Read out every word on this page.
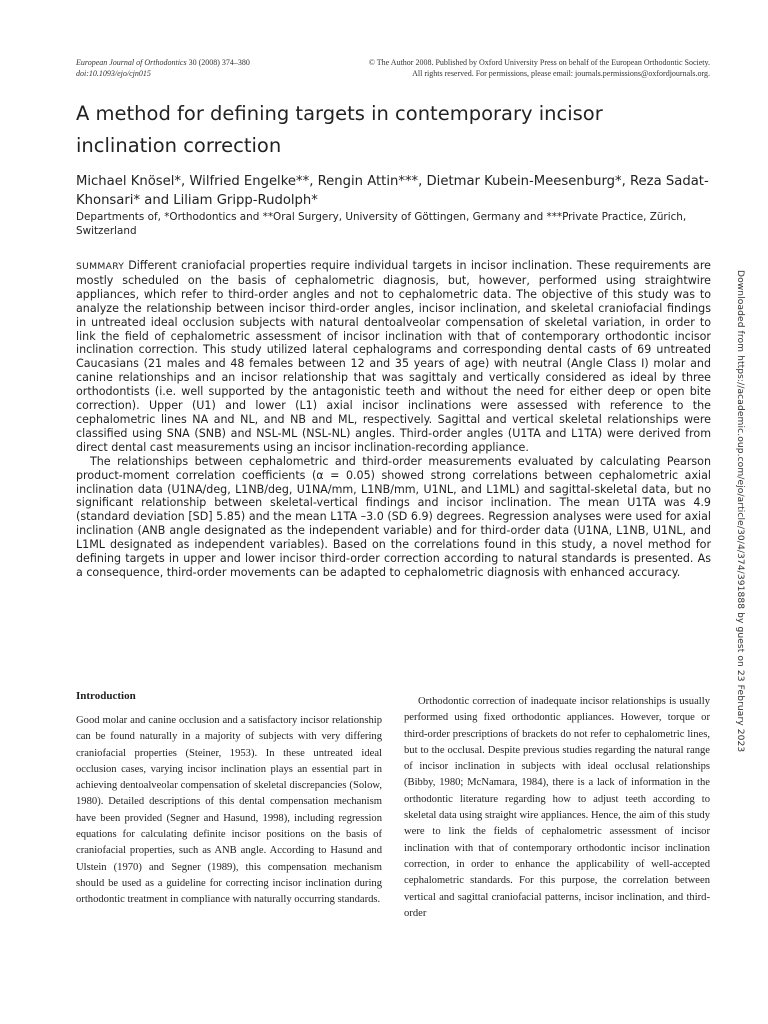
European Journal of Orthodontics 30 (2008) 374–380
doi:10.1093/ejo/cjn015
© The Author 2008. Published by Oxford University Press on behalf of the European Orthodontic Society.
All rights reserved. For permissions, please email: journals.permissions@oxfordjournals.org.
A method for defining targets in contemporary incisor inclination correction
Michael Knösel*, Wilfried Engelke**, Rengin Attin***, Dietmar Kubein-Meesenburg*, Reza Sadat-Khonsari* and Liliam Gripp-Rudolph*
Departments of, *Orthodontics and **Oral Surgery, University of Göttingen, Germany and ***Private Practice, Zürich, Switzerland

SUMMARY Different craniofacial properties require individual targets in incisor inclination. These requirements are mostly scheduled on the basis of cephalometric diagnosis, but, however, performed using straightwire appliances, which refer to third-order angles and not to cephalometric data. The objective of this study was to analyze the relationship between incisor third-order angles, incisor inclination, and skeletal craniofacial findings in untreated ideal occlusion subjects with natural dentoalveolar compensation of skeletal variation, in order to link the field of cephalometric assessment of incisor inclination with that of contemporary orthodontic incisor inclination correction. This study utilized lateral cephalograms and corresponding dental casts of 69 untreated Caucasians (21 males and 48 females between 12 and 35 years of age) with neutral (Angle Class I) molar and canine relationships and an incisor relationship that was sagittaly and vertically considered as ideal by three orthodontists (i.e. well supported by the antagonistic teeth and without the need for either deep or open bite correction). Upper (U1) and lower (L1) axial incisor inclinations were assessed with reference to the cephalometric lines NA and NL, and NB and ML, respectively. Sagittal and vertical skeletal relationships were classified using SNA (SNB) and NSL-ML (NSL-NL) angles. Third-order angles (U1TA and L1TA) were derived from direct dental cast measurements using an incisor inclination-recording appliance.

The relationships between cephalometric and third-order measurements evaluated by calculating Pearson product-moment correlation coefficients (α = 0.05) showed strong correlations between cephalometric axial inclination data (U1NA/deg, L1NB/deg, U1NA/mm, L1NB/mm, U1NL, and L1ML) and sagittal-skeletal data, but no significant relationship between skeletal-vertical findings and incisor inclination. The mean U1TA was 4.9 (standard deviation [SD] 5.85) and the mean L1TA –3.0 (SD 6.9) degrees. Regression analyses were used for axial inclination (ANB angle designated as the independent variable) and for third-order data (U1NA, L1NB, U1NL, and L1ML designated as independent variables). Based on the correlations found in this study, a novel method for defining targets in upper and lower incisor third-order correction according to natural standards is presented. As a consequence, third-order movements can be adapted to cephalometric diagnosis with enhanced accuracy.

Introduction

Good molar and canine occlusion and a satisfactory incisor relationship can be found naturally in a majority of subjects with very differing craniofacial properties (Steiner, 1953). In these untreated ideal occlusion cases, varying incisor inclination plays an essential part in achieving dentoalveolar compensation of skeletal discrepancies (Solow, 1980). Detailed descriptions of this dental compensation mechanism have been provided (Segner and Hasund, 1998), including regression equations for calculating definite incisor positions on the basis of craniofacial properties, such as ANB angle. According to Hasund and Ulstein (1970) and Segner (1989), this compensation mechanism should be used as a guideline for correcting incisor inclination during orthodontic treatment in compliance with naturally occurring standards.

Orthodontic correction of inadequate incisor relationships is usually performed using fixed orthodontic appliances. However, torque or third-order prescriptions of brackets do not refer to cephalometric lines, but to the occlusal. Despite previous studies regarding the natural range of incisor inclination in subjects with ideal occlusal relationships (Bibby, 1980; McNamara, 1984), there is a lack of information in the orthodontic literature regarding how to adjust teeth according to skeletal data using straight wire appliances. Hence, the aim of this study were to link the fields of cephalometric assessment of incisor inclination with that of contemporary orthodontic incisor inclination correction, in order to enhance the applicability of well-accepted cephalometric standards. For this purpose, the correlation between vertical and sagittal craniofacial patterns, incisor inclination, and third-order

Downloaded from https://academic.oup.com/ejo/article/30/4/374/391888 by guest on 23 February 2023
